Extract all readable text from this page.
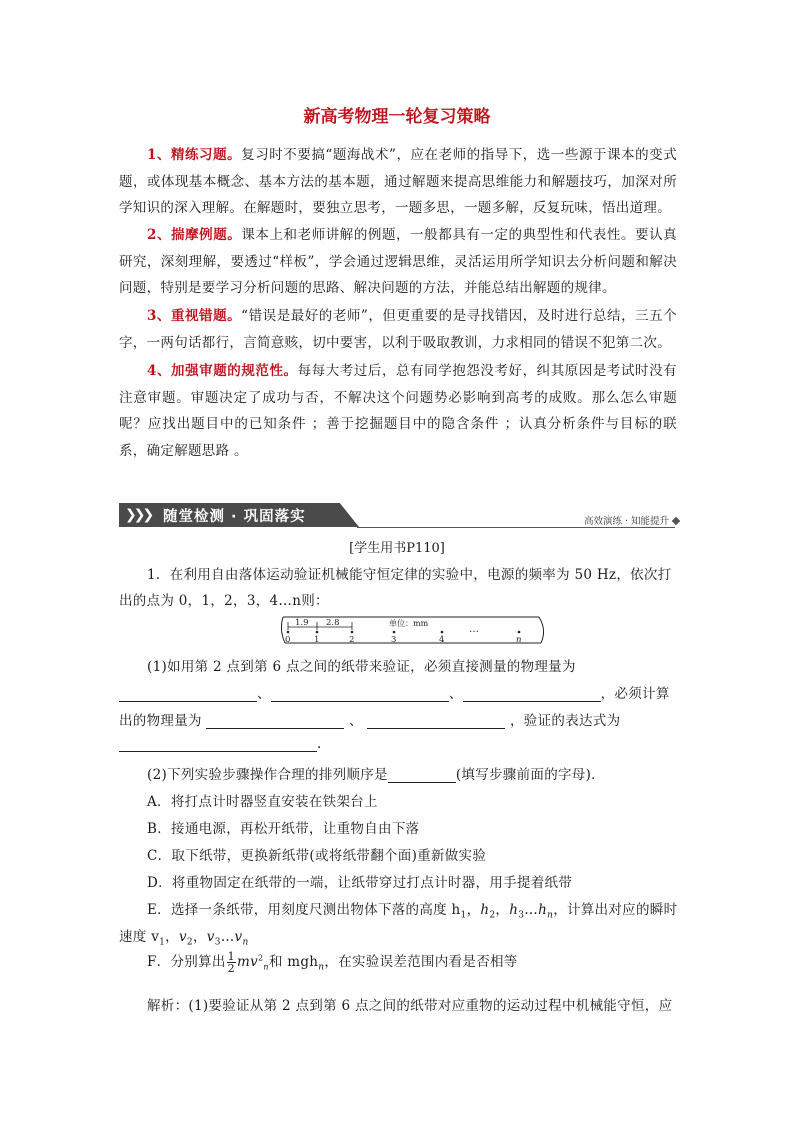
新高考物理一轮复习策略

1、精练习题。复习时不要搞“题海战术”，应在老师的指导下，选一些源于课本的变式题，或体现基本概念、基本方法的基本题，通过解题来提高思维能力和解题技巧，加深对所学知识的深入理解。在解题时，要独立思考，一题多思，一题多解，反复玩味，悟出道理。

2、揣摩例题。课本上和老师讲解的例题，一般都具有一定的典型性和代表性。要认真研究，深刻理解，要透过“样板”，学会通过逻辑思维，灵活运用所学知识去分析问题和解决问题，特别是要学习分析问题的思路、解决问题的方法，并能总结出解题的规律。

3、重视错题。“错误是最好的老师”，但更重要的是寻找错因，及时进行总结，三五个字，一两句话都行，言简意赅，切中要害，以利于吸取教训，力求相同的错误不犯第二次。

4、加强审题的规范性。每每大考过后，总有同学抱怨没考好，纠其原因是考试时没有注意审题。审题决定了成功与否，不解决这个问题势必影响到高考的成败。那么怎么审题呢？应找出题目中的已知条件 ；善于挖掘题目中的隐含条件 ；认真分析条件与目标的联系，确定解题思路 。

❯❯❯ 随堂检测 · 巩固落实	高效演练 · 知能提升
[学生用书P110]
1．在利用自由落体运动验证机械能守恒定律的实验中，电源的频率为 50 Hz，依次打
出的点为 0，1，2，3，4…n则：
1.9 2.8	单位：mm
…
0	1	2	3	4	n
(1)如用第 2 点到第 6 点之间的纸带来验证，必须直接测量的物理量为
、	、	，必须计算
出的物理量为	、	，验证的表达式为
.
(2)下列实验步骤操作合理的排列顺序是	(填写步骤前面的字母)．
A．将打点计时器竖直安装在铁架台上
B．接通电源，再松开纸带，让重物自由下落
C．取下纸带，更换新纸带(或将纸带翻个面)重新做实验
D．将重物固定在纸带的一端，让纸带穿过打点计时器，用手提着纸带
E．选择一条纸带，用刻度尺测出物体下落的高度 $h_1$，$h_2$，$h_3\dots h_n$，计算出对应的瞬时
速度 $v_1$，$v_2$，$v_3\dots v_n$
F．分别算出 $\frac{1}{2} mv^2_n$和 mgh$_n$，在实验误差范围内看是否相等
解析：(1)要验证从第 2 点到第 6 点之间的纸带对应重物的运动过程中机械能守恒，应
